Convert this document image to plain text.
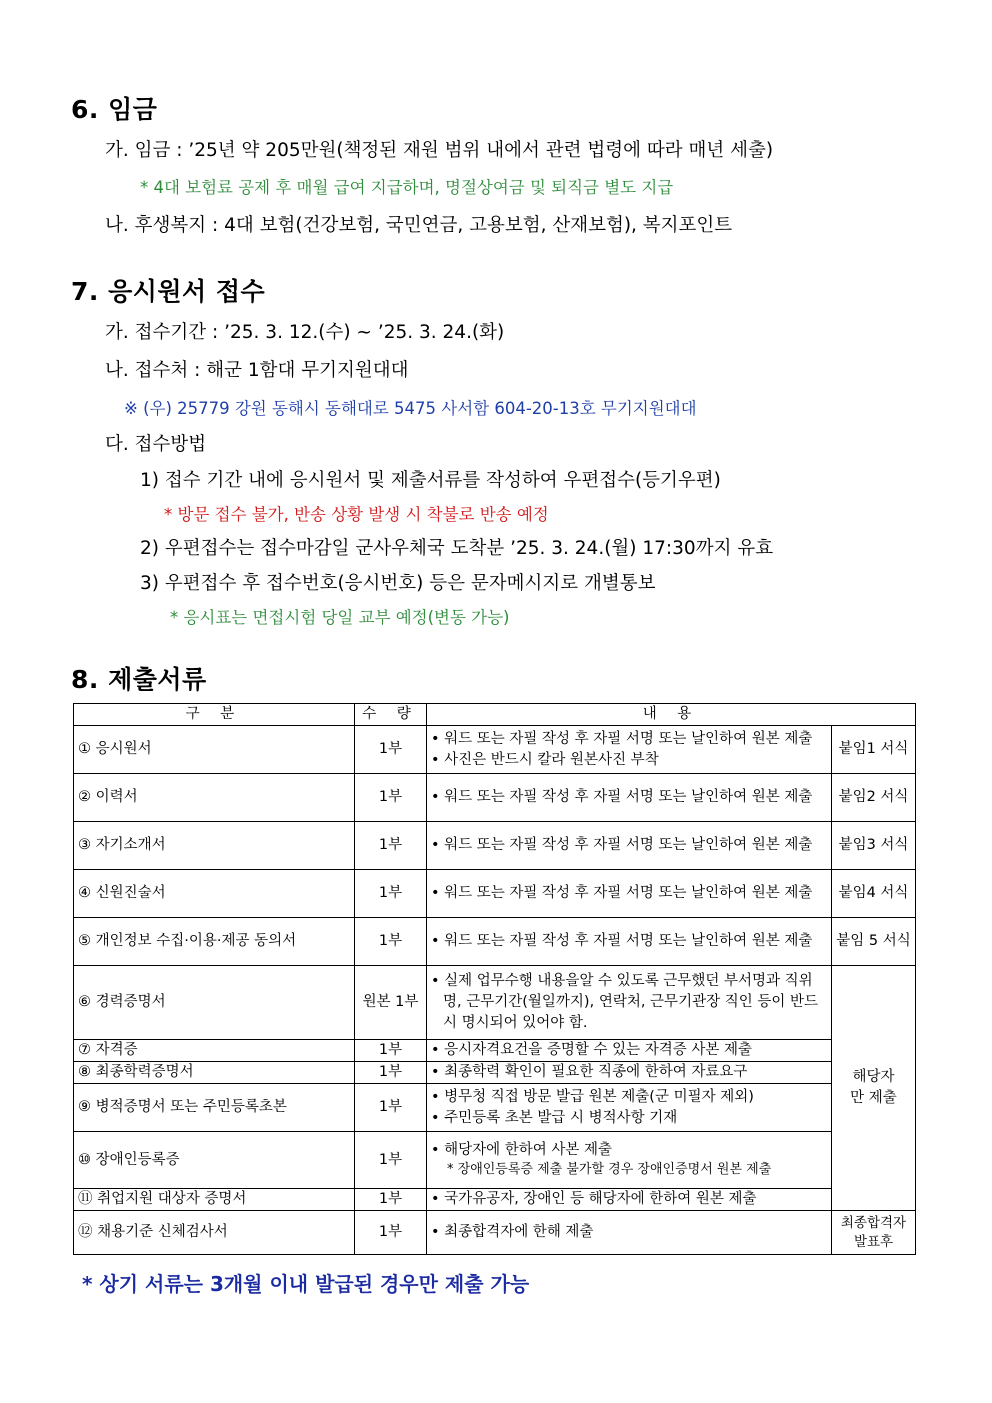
6. 임금
가. 임금 : ’25년 약 205만원(책정된 재원 범위 내에서 관련 법령에 따라 매년 세출)
* 4대 보험료 공제 후 매월 급여 지급하며, 명절상여금 및 퇴직금 별도 지급
나. 후생복지 : 4대 보험(건강보험, 국민연금, 고용보험, 산재보험), 복지포인트
7. 응시원서 접수
가. 접수기간 : ’25. 3. 12.(수) ~ ’25. 3. 24.(화)
나. 접수처 : 해군 1함대 무기지원대대
※ (우) 25779 강원 동해시 동해대로 5475 사서함 604-20-13호 무기지원대대
다. 접수방법
1) 접수 기간 내에 응시원서 및 제출서류를 작성하여 우편접수(등기우편)
* 방문 접수 불가, 반송 상황 발생 시 착불로 반송 예정
2) 우편접수는 접수마감일 군사우체국 도착분 ’25. 3. 24.(월) 17:30까지 유효
3) 우편접수 후 접수번호(응시번호) 등은 문자메시지로 개별통보
* 응시표는 면접시험 당일 교부 예정(변동 가능)
8. 제출서류
구 분	수 량	내 용	
① 응시원서	1부	• 워드 또는 자필 작성 후 자필 서명 또는 날인하여 원본 제출
• 사진은 반드시 칼라 원본사진 부착	붙임1 서식
② 이력서	1부	• 워드 또는 자필 작성 후 자필 서명 또는 날인하여 원본 제출	붙임2 서식
③ 자기소개서	1부	• 워드 또는 자필 작성 후 자필 서명 또는 날인하여 원본 제출	붙임3 서식
④ 신원진술서	1부	• 워드 또는 자필 작성 후 자필 서명 또는 날인하여 원본 제출	붙임4 서식
⑤ 개인정보 수집·이용·제공 동의서	1부	• 워드 또는 자필 작성 후 자필 서명 또는 날인하여 원본 제출	붙임 5 서식
⑥ 경력증명서	원본 1부	• 실제 업무수행 내용을알 수 있도록 근무했던 부서명과 직위명, 근무기간(월일까지), 연락처, 근무기관장 직인 등이 반드시 명시되어 있어야 함.	해당자만 제출
⑦ 자격증	1부	• 응시자격요건을 증명할 수 있는 자격증 사본 제출	

⑧ 최종학력증명서	1부	• 최종학력 확인이 필요한 직종에 한하여 자료요구	

⑨ 병적증명서 또는 주민등록초본	1부	• 병무청 직접 방문 발급 원본 제출(군 미필자 제외)
• 주민등록 초본 발급 시 병적사항 기재	

⑩ 장애인등록증	1부	• 해당자에 한하여 사본 제출
* 장애인등록증 제출 불가할 경우 장애인증명서 원본 제출	

⑪ 취업지원 대상자 증명서	1부	• 국가유공자, 장애인 등 해당자에 한하여 원본 제출	

⑫ 채용기준 신체검사서	1부	• 최종합격자에 한해 제출	최종합격자 발표후
* 상기 서류는 3개월 이내 발급된 경우만 제출 가능
